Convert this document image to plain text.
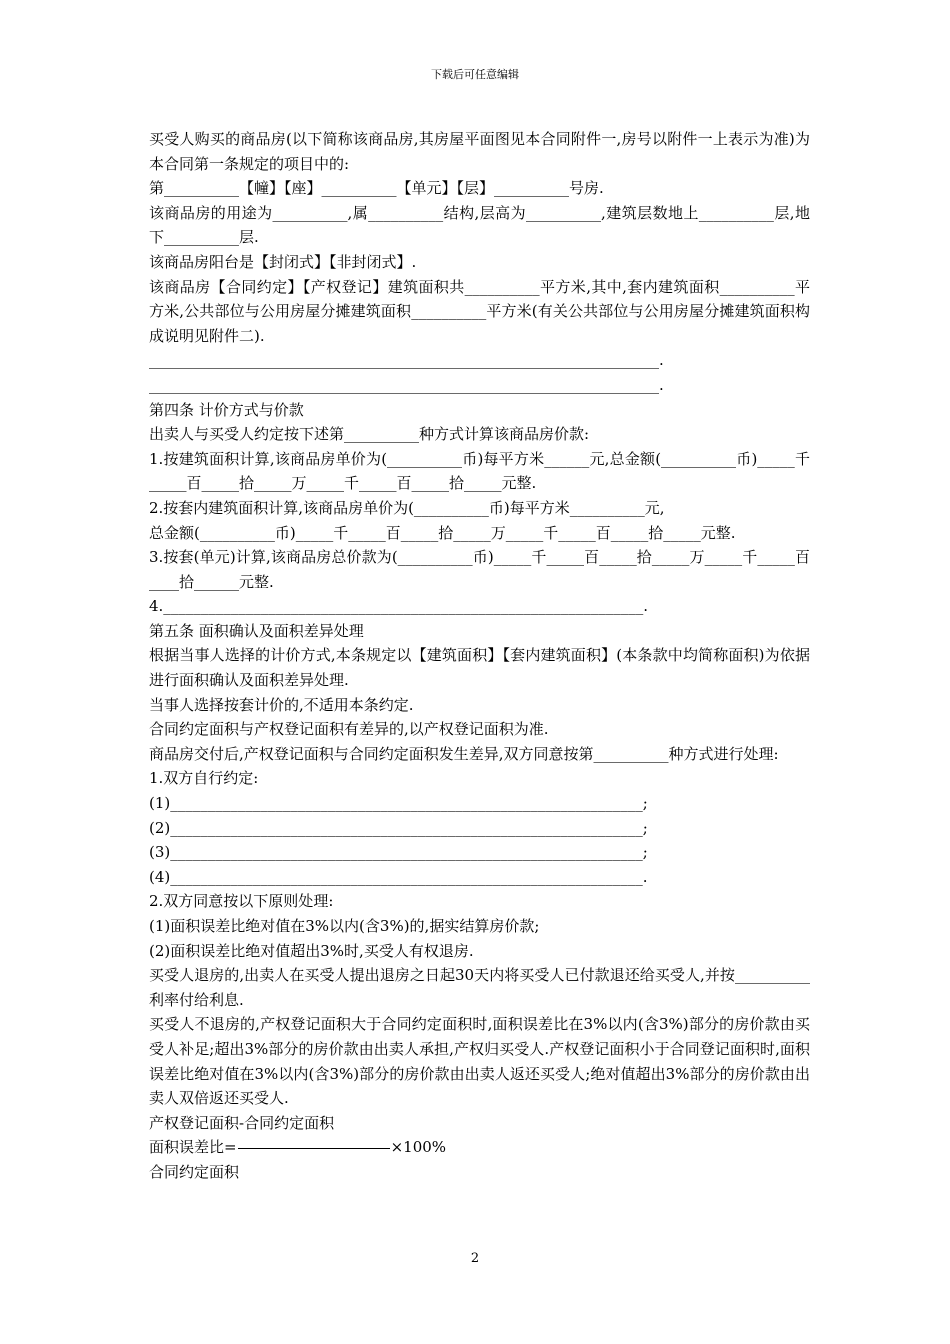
下载后可任意编辑

买受人购买的商品房(以下简称该商品房,其房屋平面图见本合同附件一,房号以附件一上表示为准)为本合同第一条规定的项目中的:

第__________【幢】【座】__________【单元】【层】__________号房.

该商品房的用途为__________,属__________结构,层高为__________,建筑层数地上__________层,地下__________层.

该商品房阳台是【封闭式】【非封闭式】.

该商品房【合同约定】【产权登记】建筑面积共__________平方米,其中,套内建筑面积__________平方米,公共部位与公用房屋分摊建筑面积__________平方米(有关公共部位与公用房屋分摊建筑面积构成说明见附件二).

____________________________________________________________________.

____________________________________________________________________.

第四条 计价方式与价款

出卖人与买受人约定按下述第__________种方式计算该商品房价款:

1.按建筑面积计算,该商品房单价为(__________币)每平方米______元,总金额(__________币)_____千_____百_____拾_____万_____千_____百_____拾_____元整.

2.按套内建筑面积计算,该商品房单价为(__________币)每平方米__________元,

总金额(__________币)_____千_____百_____拾_____万_____千_____百_____拾_____元整.

3.按套(单元)计算,该商品房总价款为(__________币)_____千_____百_____拾_____万_____千_____百____拾______元整.

4.________________________________________________________________.

第五条 面积确认及面积差异处理

根据当事人选择的计价方式,本条规定以【建筑面积】【套内建筑面积】(本条款中均简称面积)为依据进行面积确认及面积差异处理.

当事人选择按套计价的,不适用本条约定.

合同约定面积与产权登记面积有差异的,以产权登记面积为准.

商品房交付后,产权登记面积与合同约定面积发生差异,双方同意按第__________种方式进行处理:

1.双方自行约定:

(1)_______________________________________________________________;

(2)_______________________________________________________________;

(3)_______________________________________________________________;

(4)_______________________________________________________________.

2.双方同意按以下原则处理:

(1)面积误差比绝对值在3%以内(含3%)的,据实结算房价款;

(2)面积误差比绝对值超出3%时,买受人有权退房.

买受人退房的,出卖人在买受人提出退房之日起30天内将买受人已付款退还给买受人,并按__________利率付给利息.

买受人不退房的,产权登记面积大于合同约定面积时,面积误差比在3%以内(含3%)部分的房价款由买受人补足;超出3%部分的房价款由出卖人承担,产权归买受人.产权登记面积小于合同登记面积时,面积误差比绝对值在3%以内(含3%)部分的房价款由出卖人返还买受人;绝对值超出3%部分的房价款由出卖人双倍返还买受人.

产权登记面积-合同约定面积

面积误差比=	×100%

合同约定面积

2
